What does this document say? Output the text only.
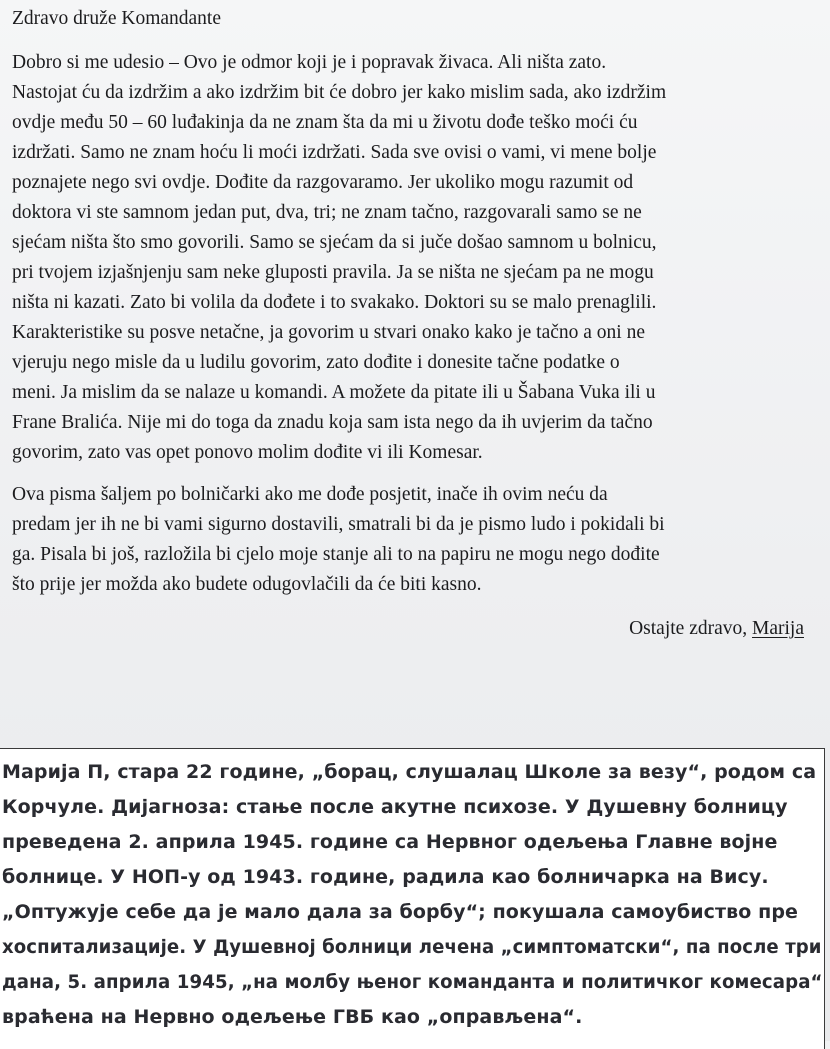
Zdravo druže Komandante

Dobro si me udesio – Ovo je odmor koji je i popravak živaca. Ali ništa zato.
Nastojat ću da izdržim a ako izdržim bit će dobro jer kako mislim sada, ako izdržim
ovdje među 50 – 60 luđakinja da ne znam šta da mi u životu dođe teško moći ću
izdržati. Samo ne znam hoću li moći izdržati. Sada sve ovisi o vami, vi mene bolje
poznajete nego svi ovdje. Dođite da razgovaramo. Jer ukoliko mogu razumit od
doktora vi ste samnom jedan put, dva, tri; ne znam tačno, razgovarali samo se ne
sjećam ništa što smo govorili. Samo se sjećam da si juče došao samnom u bolnicu,
pri tvojem izjašnjenju sam neke gluposti pravila. Ja se ništa ne sjećam pa ne mogu
ništa ni kazati. Zato bi volila da dođete i to svakako. Doktori su se malo prenaglili.
Karakteristike su posve netačne, ja govorim u stvari onako kako je tačno a oni ne
vjeruju nego misle da u ludilu govorim, zato dođite i donesite tačne podatke o
meni. Ja mislim da se nalaze u komandi. A možete da pitate ili u Šabana Vuka ili u
Frane Bralića. Nije mi do toga da znadu koja sam ista nego da ih uvjerim da tačno
govorim, zato vas opet ponovo molim dođite vi ili Komesar.

Ova pisma šaljem po bolničarki ako me dođe posjetit, inače ih ovim neću da
predam jer ih ne bi vami sigurno dostavili, smatrali bi da je pismo ludo i pokidali bi
ga. Pisala bi još, razložila bi cjelo moje stanje ali to na papiru ne mogu nego dođite
što prije jer možda ako budete odugovlačili da će biti kasno.

Ostajte zdravo, Marija
Марија П, стара 22 године, „борац, слушалац Школе за везу“, родом са
Корчуле. Дијагноза: стање после акутне психозе. У Душевну болницу
преведена 2. априла 1945. године са Нервног одељења Главне војне
болнице. У НОП-у од 1943. године, радила као болничарка на Вису.
„Оптужује себе да је мало дала за борбу“; покушала самоубиство пре
хоспитализације. У Душевној болници лечена „симптоматски“, па после три
дана, 5. априла 1945, „на молбу њеног команданта и политичког комесара“
враћена на Нервно одељење ГВБ као „оправљена“.
